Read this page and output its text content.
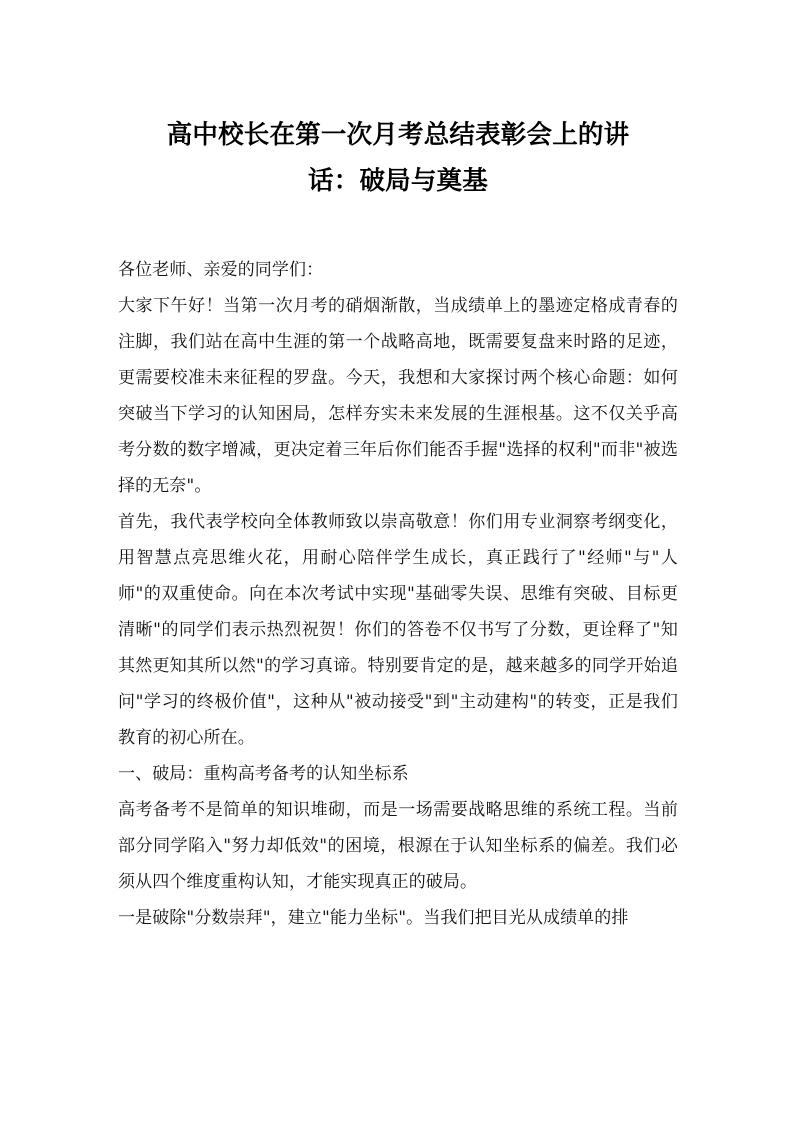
高中校长在第一次月考总结表彰会上的讲
话：破局与奠基

各位老师、亲爱的同学们：

大家下午好！当第一次月考的硝烟渐散，当成绩单上的墨迹定格成青春的注脚，我们站在高中生涯的第一个战略高地，既需要复盘来时路的足迹，更需要校准未来征程的罗盘。今天，我想和大家探讨两个核心命题：如何突破当下学习的认知困局，怎样夯实未来发展的生涯根基。这不仅关乎高考分数的数字增减，更决定着三年后你们能否手握"选择的权利"而非"被选择的无奈"。

首先，我代表学校向全体教师致以崇高敬意！你们用专业洞察考纲变化，用智慧点亮思维火花，用耐心陪伴学生成长，真正践行了"经师"与"人师"的双重使命。向在本次考试中实现"基础零失误、思维有突破、目标更清晰"的同学们表示热烈祝贺！你们的答卷不仅书写了分数，更诠释了"知其然更知其所以然"的学习真谛。特别要肯定的是，越来越多的同学开始追问"学习的终极价值"，这种从"被动接受"到"主动建构"的转变，正是我们教育的初心所在。

一、破局：重构高考备考的认知坐标系

高考备考不是简单的知识堆砌，而是一场需要战略思维的系统工程。当前部分同学陷入"努力却低效"的困境，根源在于认知坐标系的偏差。我们必须从四个维度重构认知，才能实现真正的破局。

一是破除"分数崇拜"，建立"能力坐标"。当我们把目光从成绩单的排
